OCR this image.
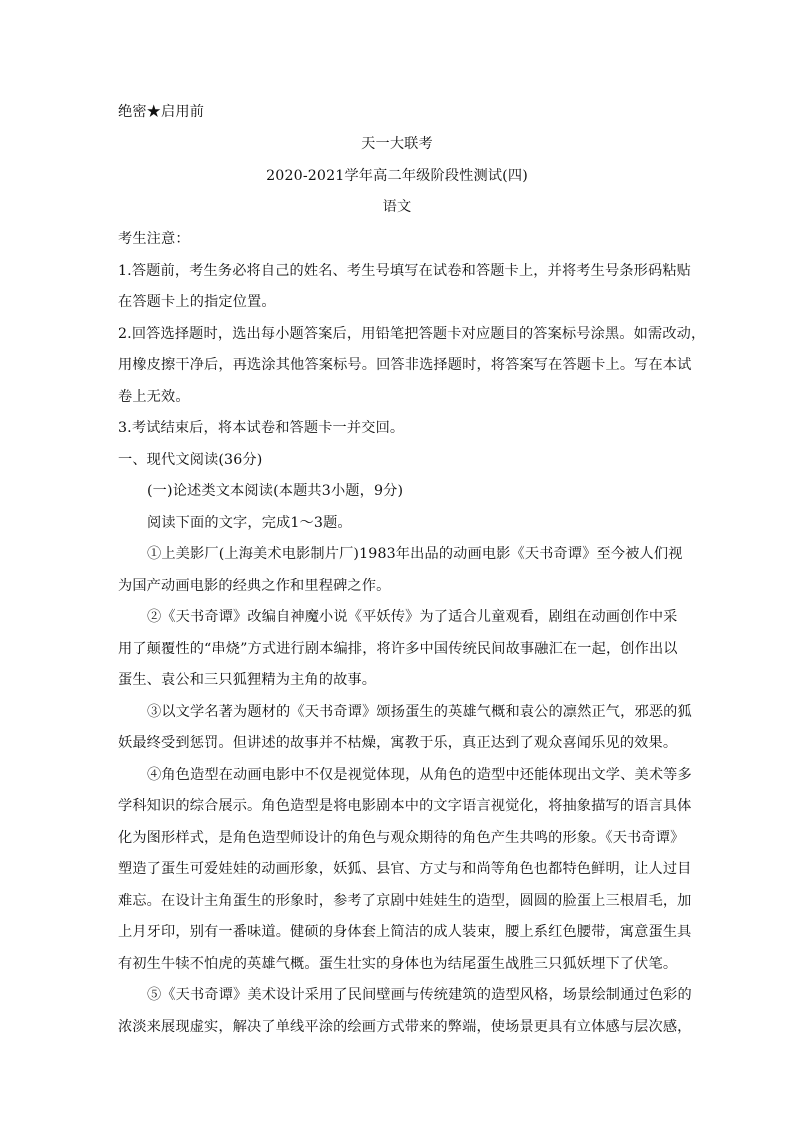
绝密★启用前
天一大联考
2020-2021学年高二年级阶段性测试(四)
语文
考生注意：
1.答题前，考生务必将自己的姓名、考生号填写在试卷和答题卡上，并将考生号条形码粘贴
在答题卡上的指定位置。
2.回答选择题时，选出每小题答案后，用铅笔把答题卡对应题目的答案标号涂黑。如需改动，
用橡皮擦干净后，再选涂其他答案标号。回答非选择题时，将答案写在答题卡上。写在本试
卷上无效。
3.考试结束后，将本试卷和答题卡一并交回。
一、现代文阅读(36分)
(一)论述类文本阅读(本题共3小题，9分)
阅读下面的文字，完成1～3题。
①上美影厂(上海美术电影制片厂)1983年出品的动画电影《天书奇谭》至今被人们视
为国产动画电影的经典之作和里程碑之作。
②《天书奇谭》改编自神魔小说《平妖传》为了适合儿童观看，剧组在动画创作中采
用了颠覆性的“串烧”方式进行剧本编排，将许多中国传统民间故事融汇在一起，创作出以
蛋生、袁公和三只狐狸精为主角的故事。
③以文学名著为题材的《天书奇谭》颂扬蛋生的英雄气概和袁公的凛然正气，邪恶的狐
妖最终受到惩罚。但讲述的故事并不枯燥，寓教于乐，真正达到了观众喜闻乐见的效果。
④角色造型在动画电影中不仅是视觉体现，从角色的造型中还能体现出文学、美术等多
学科知识的综合展示。角色造型是将电影剧本中的文字语言视觉化，将抽象描写的语言具体
化为图形样式，是角色造型师设计的角色与观众期待的角色产生共鸣的形象。《天书奇谭》
塑造了蛋生可爱娃娃的动画形象，妖狐、县官、方丈与和尚等角色也都特色鲜明，让人过目
难忘。在设计主角蛋生的形象时，参考了京剧中娃娃生的造型，圆圆的脸蛋上三根眉毛，加
上月牙印，别有一番味道。健硕的身体套上简洁的成人装束，腰上系红色腰带，寓意蛋生具
有初生牛犊不怕虎的英雄气概。蛋生壮实的身体也为结尾蛋生战胜三只狐妖埋下了伏笔。
⑤《天书奇谭》美术设计采用了民间壁画与传统建筑的造型风格，场景绘制通过色彩的
浓淡来展现虚实，解决了单线平涂的绘画方式带来的弊端，使场景更具有立体感与层次感，
